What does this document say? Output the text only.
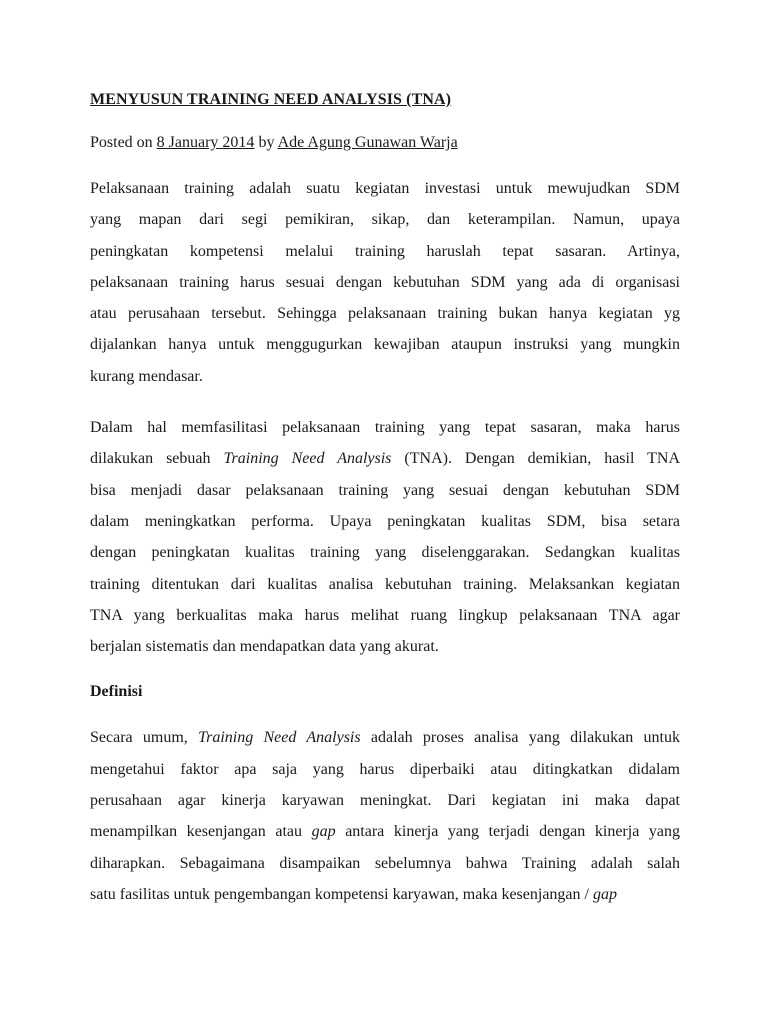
MENYUSUN TRAINING NEED ANALYSIS (TNA)
Posted on 8 January 2014 by Ade Agung Gunawan Warja
Pelaksanaan training adalah suatu kegiatan investasi untuk mewujudkan SDM
yang mapan dari segi pemikiran, sikap, dan keterampilan. Namun, upaya
peningkatan kompetensi melalui training haruslah tepat sasaran. Artinya,
pelaksanaan training harus sesuai dengan kebutuhan SDM yang ada di organisasi
atau perusahaan tersebut. Sehingga pelaksanaan training bukan hanya kegiatan yg
dijalankan hanya untuk menggugurkan kewajiban ataupun instruksi yang mungkin
kurang mendasar.
Dalam hal memfasilitasi pelaksanaan training yang tepat sasaran, maka harus
dilakukan sebuah Training Need Analysis (TNA). Dengan demikian, hasil TNA
bisa menjadi dasar pelaksanaan training yang sesuai dengan kebutuhan SDM
dalam meningkatkan performa. Upaya peningkatan kualitas SDM, bisa setara
dengan peningkatan kualitas training yang diselenggarakan. Sedangkan kualitas
training ditentukan dari kualitas analisa kebutuhan training. Melaksankan kegiatan
TNA yang berkualitas maka harus melihat ruang lingkup pelaksanaan TNA agar
berjalan sistematis dan mendapatkan data yang akurat.
Definisi
Secara umum, Training Need Analysis adalah proses analisa yang dilakukan untuk
mengetahui faktor apa saja yang harus diperbaiki atau ditingkatkan didalam
perusahaan agar kinerja karyawan meningkat. Dari kegiatan ini maka dapat
menampilkan kesenjangan atau gap antara kinerja yang terjadi dengan kinerja yang
diharapkan. Sebagaimana disampaikan sebelumnya bahwa Training adalah salah
satu fasilitas untuk pengembangan kompetensi karyawan, maka kesenjangan / gap
